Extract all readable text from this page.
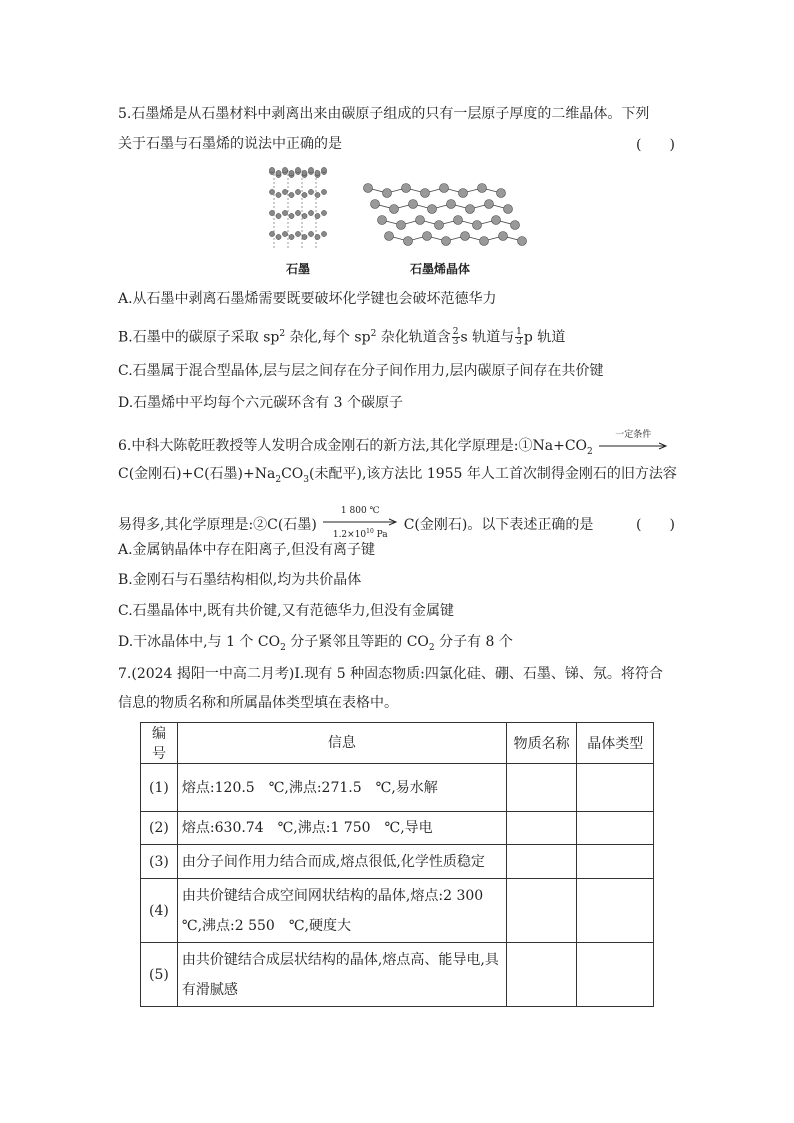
5.石墨烯是从石墨材料中剥离出来由碳原子组成的只有一层原子厚度的二维晶体。下列
关于石墨与石墨烯的说法中正确的是	(　　)
石墨	石墨烯晶体
A.从石墨中剥离石墨烯需要既要破坏化学键也会破坏范德华力
B.石墨中的碳原子采取 $sp^2$ 杂化,每个 $sp^2$ 杂化轨道含 $\frac{2}{3}$ s 轨道与 $\frac{1}{3}$ p 轨道
C.石墨属于混合型晶体,层与层之间存在分子间作用力,层内碳原子间存在共价键
D.石墨烯中平均每个六元碳环含有 3 个碳原子
6.中科大陈乾旺教授等人发明合成金刚石的新方法,其化学原理是$:①Na+CO_2$
一定条件
C(金刚石)+C(石墨)$+Na_2CO_3$(未配平),该方法比 1955 年人工首次制得金刚石的旧方法容
易得多,其化学原理是:②C(石墨)
1 800 ℃
$1.2\times 10^{10}$ Pa
C(金刚石)。以下表述正确的是	(　　)
A.金属钠晶体中存在阳离子,但没有离子键
B.金刚石与石墨结构相似,均为共价晶体
C.石墨晶体中,既有共价键,又有范德华力,但没有金属键
D.干冰晶体中,与 1 个 $CO_2$ 分子紧邻且等距的 $CO_2$ 分子有 8 个
7.(2024 揭阳一中高二月考)Ⅰ.现有 5 种固态物质:四氯化硅、硼、石墨、锑、氖。将符合
信息的物质名称和所属晶体类型填在表格中。
编号	信息	物质名称	晶体类型
(1)	熔点:120.5　℃,沸点:271.5　℃,易水解		
(2)	熔点:630.74　℃,沸点:1 750　℃,导电		
(3)	由分子间作用力结合而成,熔点很低,化学性质稳定		
(4)	由共价键结合成空间网状结构的晶体,熔点:2 300　℃,沸点:2 550　℃,硬度大		
(5)	由共价键结合成层状结构的晶体,熔点高、能导电,具有滑腻感		
